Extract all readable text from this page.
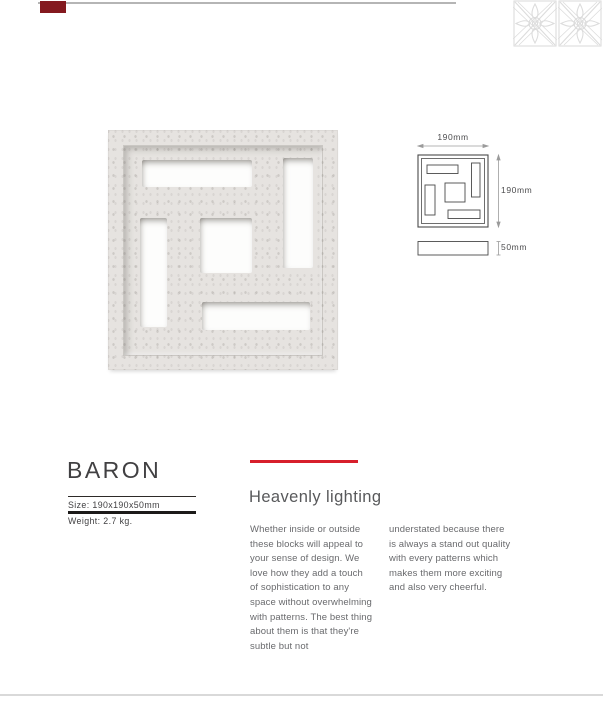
190mm
190mm
50mm
BARON
Size: 190x190x50mm
Weight: 2.7 kg.
Heavenly lighting
Whether inside or outside
these blocks will appeal to
your sense of design. We
love how they add a touch
of sophistication to any
space without overwhelming
with patterns. The best thing
about them is that they're
subtle but not
understated because there
is always a stand out quality
with every patterns which
makes them more exciting
and also very cheerful.
